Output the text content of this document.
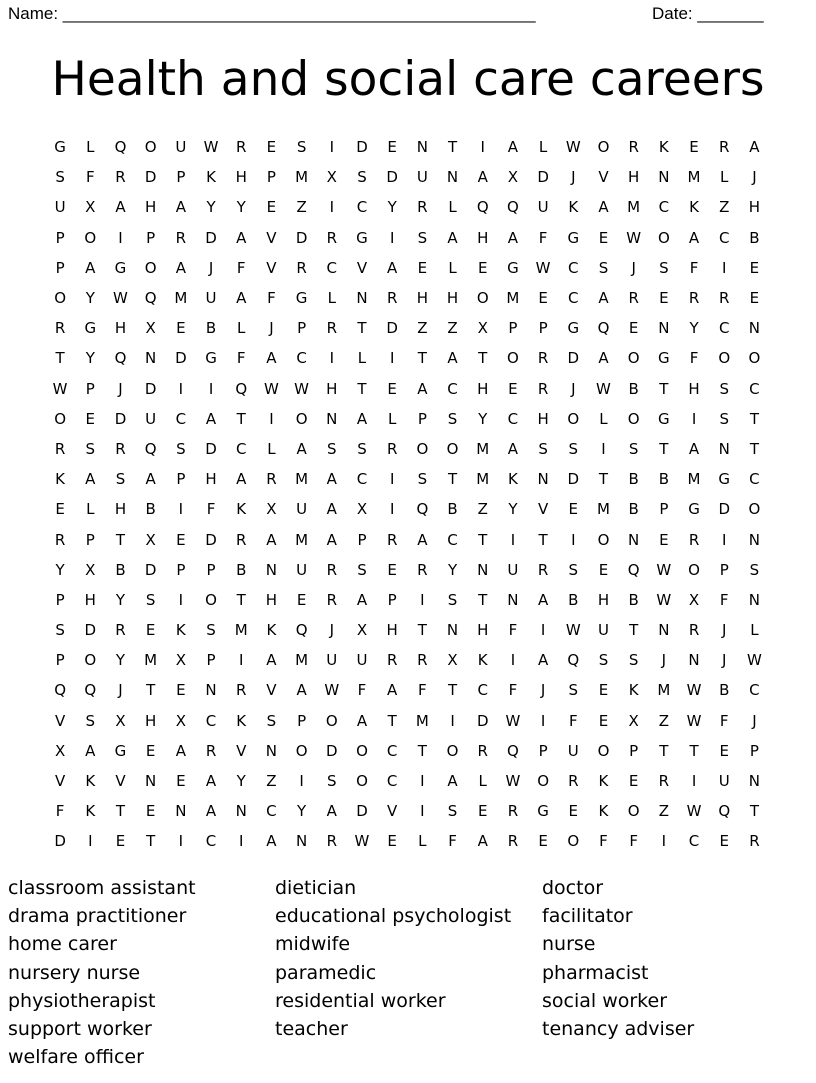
Name: __________________________________________________	Date: _______
Health and social care careers
G	L	Q	O	U	W	R	E	S	I	D	E	N	T	I	A	L	W	O	R	K	E	R	A
S	F	R	D	P	K	H	P	M	X	S	D	U	N	A	X	D	J	V	H	N	M	L	J
U	X	A	H	A	Y	Y	E	Z	I	C	Y	R	L	Q	Q	U	K	A	M	C	K	Z	H
P	O	I	P	R	D	A	V	D	R	G	I	S	A	H	A	F	G	E	W	O	A	C	B
P	A	G	O	A	J	F	V	R	C	V	A	E	L	E	G	W	C	S	J	S	F	I	E
O	Y	W	Q	M	U	A	F	G	L	N	R	H	H	O	M	E	C	A	R	E	R	R	E
R	G	H	X	E	B	L	J	P	R	T	D	Z	Z	X	P	P	G	Q	E	N	Y	C	N
T	Y	Q	N	D	G	F	A	C	I	L	I	T	A	T	O	R	D	A	O	G	F	O	O
W	P	J	D	I	I	Q	W	W	H	T	E	A	C	H	E	R	J	W	B	T	H	S	C
O	E	D	U	C	A	T	I	O	N	A	L	P	S	Y	C	H	O	L	O	G	I	S	T
R	S	R	Q	S	D	C	L	A	S	S	R	O	O	M	A	S	S	I	S	T	A	N	T
K	A	S	A	P	H	A	R	M	A	C	I	S	T	M	K	N	D	T	B	B	M	G	C
E	L	H	B	I	F	K	X	U	A	X	I	Q	B	Z	Y	V	E	M	B	P	G	D	O
R	P	T	X	E	D	R	A	M	A	P	R	A	C	T	I	T	I	O	N	E	R	I	N
Y	X	B	D	P	P	B	N	U	R	S	E	R	Y	N	U	R	S	E	Q	W	O	P	S
P	H	Y	S	I	O	T	H	E	R	A	P	I	S	T	N	A	B	H	B	W	X	F	N
S	D	R	E	K	S	M	K	Q	J	X	H	T	N	H	F	I	W	U	T	N	R	J	L
P	O	Y	M	X	P	I	A	M	U	U	R	R	X	K	I	A	Q	S	S	J	N	J	W
Q	Q	J	T	E	N	R	V	A	W	F	A	F	T	C	F	J	S	E	K	M	W	B	C
V	S	X	H	X	C	K	S	P	O	A	T	M	I	D	W	I	F	E	X	Z	W	F	J
X	A	G	E	A	R	V	N	O	D	O	C	T	O	R	Q	P	U	O	P	T	T	E	P
V	K	V	N	E	A	Y	Z	I	S	O	C	I	A	L	W	O	R	K	E	R	I	U	N
F	K	T	E	N	A	N	C	Y	A	D	V	I	S	E	R	G	E	K	O	Z	W	Q	T
D	I	E	T	I	C	I	A	N	R	W	E	L	F	A	R	E	O	F	F	I	C	E	R
classroom assistant	dietician	doctor
drama practitioner	educational psychologist	facilitator
home carer	midwife	nurse
nursery nurse	paramedic	pharmacist
physiotherapist	residential worker	social worker
support worker	teacher	tenancy adviser
welfare officer
